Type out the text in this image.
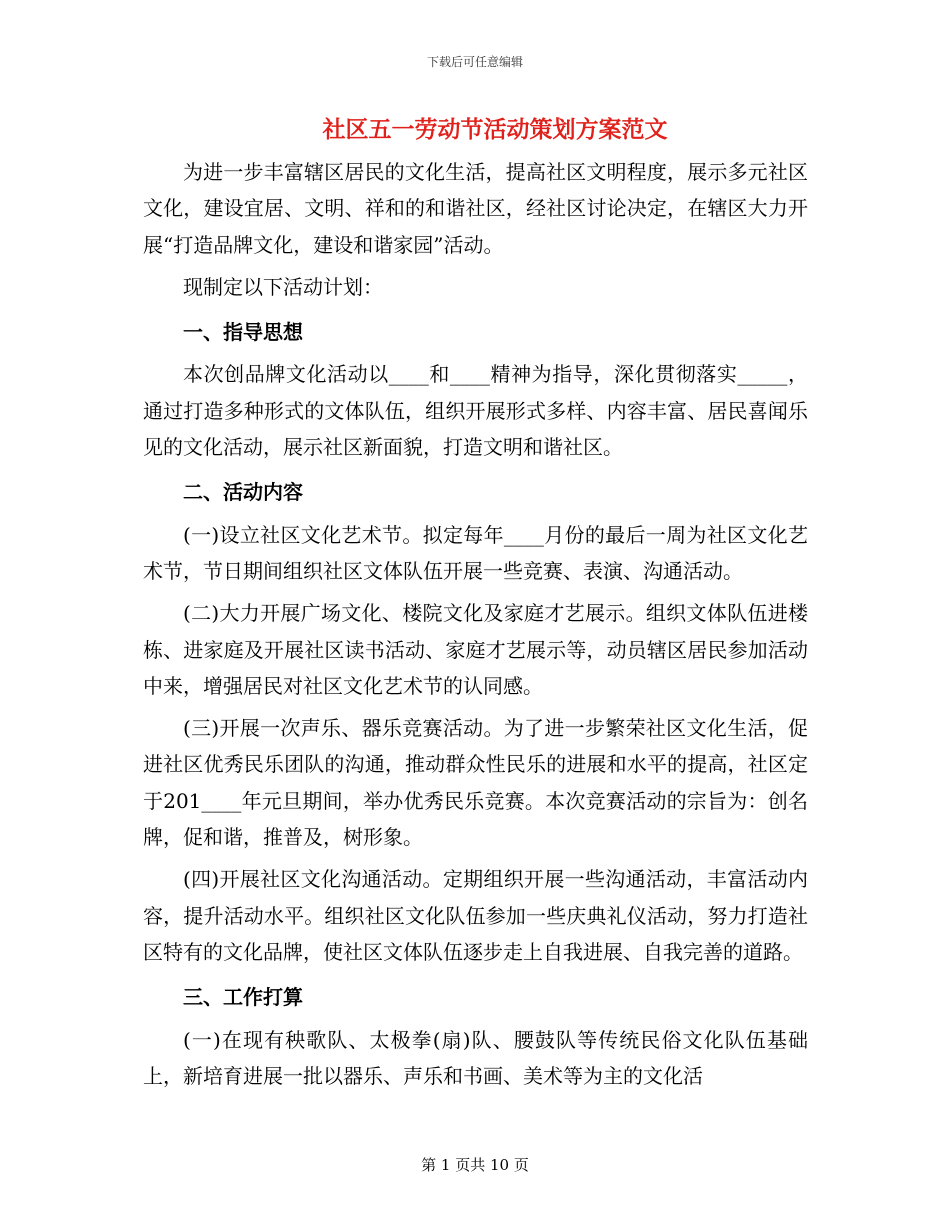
下载后可任意编辑
社区五一劳动节活动策划方案范文

为进一步丰富辖区居民的文化生活，提高社区文明程度，展示多元社区文化，建设宜居、文明、祥和的和谐社区，经社区讨论决定，在辖区大力开展“打造品牌文化，建设和谐家园”活动。

现制定以下活动计划：

一、指导思想

本次创品牌文化活动以____和____精神为指导，深化贯彻落实_____，通过打造多种形式的文体队伍，组织开展形式多样、内容丰富、居民喜闻乐见的文化活动，展示社区新面貌，打造文明和谐社区。

二、活动内容

(一)设立社区文化艺术节。拟定每年____月份的最后一周为社区文化艺术节，节日期间组织社区文体队伍开展一些竞赛、表演、沟通活动。

(二)大力开展广场文化、楼院文化及家庭才艺展示。组织文体队伍进楼栋、进家庭及开展社区读书活动、家庭才艺展示等，动员辖区居民参加活动中来，增强居民对社区文化艺术节的认同感。

(三)开展一次声乐、器乐竞赛活动。为了进一步繁荣社区文化生活，促进社区优秀民乐团队的沟通，推动群众性民乐的进展和水平的提高，社区定于201____年元旦期间，举办优秀民乐竞赛。本次竞赛活动的宗旨为：创名牌，促和谐，推普及，树形象。

(四)开展社区文化沟通活动。定期组织开展一些沟通活动，丰富活动内容，提升活动水平。组织社区文化队伍参加一些庆典礼仪活动，努力打造社区特有的文化品牌，使社区文体队伍逐步走上自我进展、自我完善的道路。

三、工作打算

(一)在现有秧歌队、太极拳(扇)队、腰鼓队等传统民俗文化队伍基础上，新培育进展一批以器乐、声乐和书画、美术等为主的文化活

第 1 页共 10 页
